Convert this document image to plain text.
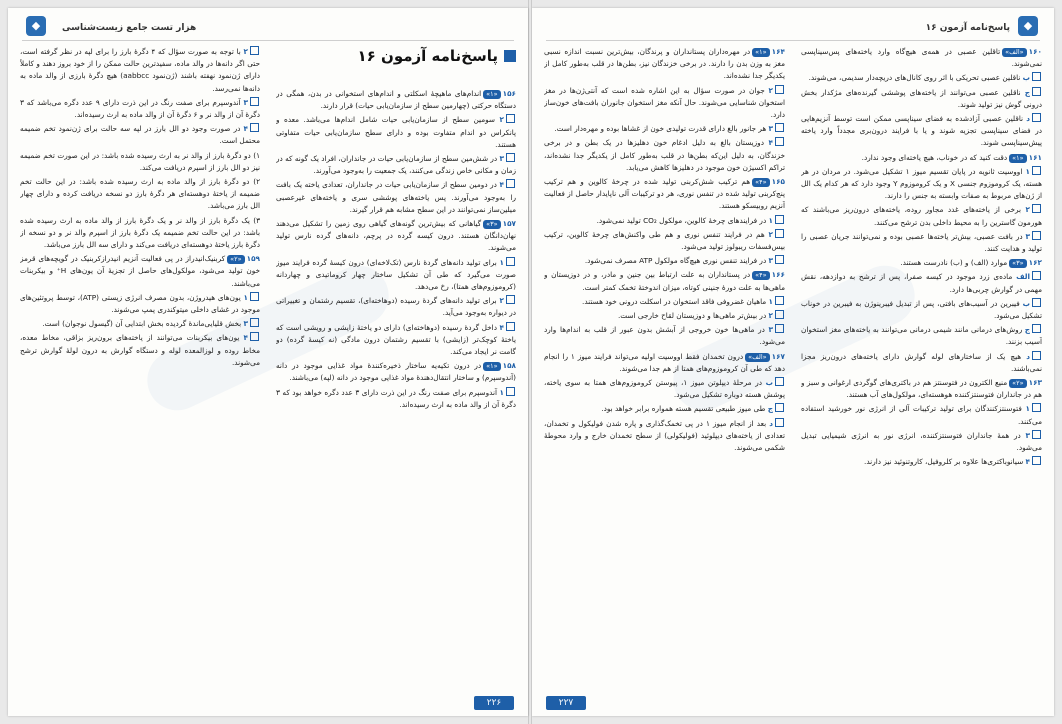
◆
پاسخ‌نامه آزمون ۱۶
۱۶۰«الف»تاقلین عصبی در همه‌ی هیچ‌گاه وارد یاخته‌های پس‌سیناپسی نمی‌شوند.
ب ناقلین عصبی تحریکی با اثر روی کانال‌های دریچه‌دار سدیمی، می‌شوند.
ج ناقلین عصبی می‌توانند از یاخته‌های پوششی گیرنده‌های مژکدار بخش درونی گوش نیز تولید شوند.
د ناقلین عصبی آزادشده به فضای سیناپسی ممکن است توسط آنزیم‌هایی در فضای سیناپسی تجزیه شوند و یا با فرایند درون‌بری مجدداً وارد یاخته پیش‌سیناپسی شوند.
۱۶۱«۱»دقت کنید که در خوناب، هیچ یاخته‌ای وجود ندارد.
۱ اووسیت ثانویه در پایان تقسیم میوز ۱ تشکیل می‌شود. در مردان در هر هسته، یک کروموزوم جنسی X و یک کروموزوم Y وجود دارد که هر کدام یک الل از ژن‌های مربوط به صفات وابسته به جنس را دارند.
۲ برخی از یاخته‌های غدد مجاور روده، یاخته‌های درون‌ریز می‌باشند که هورمون گاسترین را به محیط داخلی بدن ترشح می‌کنند.
۳ در بافت عصبی، بیش‌تر یاخته‌ها عصبی بوده و نمی‌توانند جریان عصبی را تولید و هدایت کنند.
۱۶۲«۳»موارد (الف) و (ب) نادرست هستند.
الف ماده‌ی زرد موجود در کیسه صفرا، پس از ترشح به دوازدهه، نقش مهمی در گوارش چربی‌ها دارد.
ب فیبرین در آسیب‌های بافتی، پس از تبدیل فیبرینوژن به فیبرین در خوناب تشکیل می‌شود.
ج روش‌های درمانی مانند شیمی درمانی می‌توانند به یاخته‌های مغز استخوان آسیب بزنند.
د هیچ یک از ساختارهای لوله گوارش دارای یاخته‌های درون‌ریز مجزا نمی‌باشند.
۱۶۳«۲»منیع الکترون در فتوسنتز هم در باکتری‌های گوگردی ارغوانی و سبز و هم در جانداران فتوسنتزکننده هوهسته‌ای، مولکول‌های آب هستند.
۱ فتوسنتزکنندگان برای تولید ترکیبات آلی از انرژی نور خورشید استفاده می‌کنند.
۳ در همهٔ جانداران فتوسنتزکننده، انرژی نور به انرژی شیمیایی تبدیل می‌شود.
۴ سیانوباکتری‌ها علاوه بر کلروفیل، کاروتنوئید نیز دارند.
۱۶۴«۱»در مهره‌داران پستانداران و پرندگان، بیش‌ترین نسبت اندازه نسبی مغز به وزن بدن را دارند. در برخی خزندگان نیز، بطن‌ها در قلب به‌طور کامل از یکدیگر جدا نشده‌اند.
۲ جوان در صورت سؤال به این اشاره شده است که آنتی‌ژن‌ها در مغز استخوان شناسایی می‌شوند. حال آنکه مغز استخوان جانوران بافت‌های خون‌ساز دارد.
۳ هر جانور بالغ دارای قدرت تولیدی خون از غشاها بوده و مهره‌دار است.
۴ دوزیستان بالغ به دلیل ادغام خون دهلیزها در یک بطن و در برخی خزندگان، به دلیل این‌که بطن‌ها در قلب به‌طور کامل از یکدیگر جدا نشده‌اند، تراکم اکسیژن خون موجود در دهلیزها کاهش می‌یابد.
۱۶۵«۴»هم ترکیب شش‌کربنی تولید شده در چرخهٔ کالوین و هم ترکیب پنج‌کربنی تولید شده در تنفس نوری، هر دو ترکیبات آلی ناپایدار حاصل از فعالیت آنزیم روبیسکو هستند.
۱ در فرایندهای چرخهٔ کالوین، مولکول CO₂ تولید نمی‌شود.
۲ هم در فرایند تنفس نوری و هم طی واکنش‌های چرخهٔ کالوین، ترکیب بیس‌فسفات ریبولوز تولید می‌شود.
۳ در فرایند تنفس نوری هیچ‌گاه مولکول ATP مصرف نمی‌شود.
۱۶۶«۴»در پستانداران به علت ارتباط بین جنین و مادر، و در دوزیستان و ماهی‌ها به علت دورهٔ جنینی کوتاه، میزان اندوختهٔ تخمک کمتر است.
۱ ماهیان غضروفی فاقد استخوان در اسکلت درونی خود هستند.
۲ در بیش‌تر ماهی‌ها و دوزیستان لقاح خارجی است.
۳ در ماهی‌ها خون خروجی از آبشش بدون عبور از قلب به اندام‌ها وارد می‌شود.
۱۶۷«الف»درون تخمدان فقط اووسیت اولیه می‌تواند فرایند میوز ۱ را انجام دهد که طی آن کروموزوم‌های همتا از هم جدا می‌شوند.
ب در مرحلهٔ دیپلوتن میوز ۱، پیوستن کروموزوم‌های همتا به سوی یاخته، پوشش هسته دوباره تشکیل می‌شود.
ج طی میوز طبیعی تقسیم هسته همواره برابر خواهد بود.
د بعد از انجام میوز ۱ در پی تخمک‌گذاری و پاره شدن فولیکول و تخمدان، تعدادی از یاخته‌های دیپلوئید (فولیکولی) از سطح تخمدان خارج و وارد محوطهٔ شکمی می‌شوند.
۲۲۷
◆	هزار تست جامع زیست‌شناسی
پاسخ‌نامه آزمون ۱۶
۱۵۶«۱»اندام‌های ماهیچهٔ اسکلتی و اندام‌های استخوانی در بدن، همگی در دستگاه حرکتی (چهارمین سطح از سازمان‌یابی حیات) قرار دارند.
۲ سومین سطح از سازمان‌یابی حیات شامل اندام‌ها می‌باشد. معده و پانکراس دو اندام متفاوت بوده و دارای سطح سازمان‌یابی حیات متفاوتی هستند.
۳ در شش‌مین سطح از سازمان‌یابی حیات در جانداران، افراد یک گونه که در زمان و مکانی خاص زندگی می‌کنند، یک جمعیت را به‌وجود می‌آورند.
۴ در دومین سطح از سازمان‌یابی حیات در جانداران، تعدادی یاخته یک بافت را به‌وجود می‌آورند. پس یاخته‌های پوششی سری و یاخته‌های غیرعصبی میلین‌ساز نمی‌توانند در این سطح مشابه هم قرار گیرند.
۱۵۷«۳»گیاهانی که بیش‌ترین گونه‌های گیاهی روی زمین را تشکیل می‌دهند نهان‌دانگان هستند. درون کیسه گرده در پرچم، دانه‌های گرده نارس تولید می‌شوند.
۱ برای تولید دانه‌های گردهٔ نارس (تک‌لاخه‌ای) درون کیسهٔ گرده فرایند میوز صورت می‌گیرد که طی آن تشکیل ساختار چهار کروماتیدی و چهاردانه (کروموزوم‌های همتا)، رخ می‌دهد.
۲ برای تولید دانه‌های گردهٔ رسیده (دوهاخته‌ای)، تقسیم رشتمان و تغییراتی در دیواره به‌وجود می‌آید.
۴ داخل گردهٔ رسیده (دوهاخته‌ای) دارای دو یاختهٔ زایشی و رویشی است که یاختهٔ کوچک‌تر (زایشی) با تقسیم رشتمان درون مادگی (نه کیسهٔ گرده) دو گامت نر ایجاد می‌کند.
۱۵۸«۱»در درون تکیه‌یه ساختار ذخیره‌کنندهٔ مواد غذایی موجود در دانه (آندوسپرم) و ساختار انتقال‌دهندهٔ مواد غذایی موجود در دانه (لپه) می‌باشند.
۱ آندوسپرم برای صفت رنگ در این ذرت دارای ۳ عدد دگره خواهد بود که ۳ دگرهٔ آن از والد ماده به ارث رسیده‌اند.
۲ با توجه به صورت سؤال که ۴ دگرهٔ بارز را برای لپه در نظر گرفته است، حتی اگر دانه‌ها در والد ماده، سفیدترین حالت ممکن را از خود بروز دهند و کاملاً دارای ژن‌نمود نهفته باشند (ژن‌نمود aabbcc) هیچ دگرهٔ بارزی از والد ماده به دانه‌ها نمی‌رسد.
۳ آندوسپرم برای صفت رنگ در این ذرت دارای ۹ عدد دگره می‌باشد که ۳ دگرهٔ آن از والد نر و ۶ دگرهٔ آن از والد ماده به ارث رسیده‌اند.
۴ در صورت وجود دو الل بارز در لپه سه حالت برای ژن‌نمود تخم ضمیمه محتمل است.
۱) دو دگرهٔ بارز از والد نر به ارث رسیده شده باشد: در این صورت تخم ضمیمه نیز دو الل بارز از اسپرم دریافت می‌کند.
۲) دو دگرهٔ بارز از والد ماده به ارث رسیده شده باشد: در این حالت تخم ضمیمه از یاختهٔ دوهسته‌ای هر دگرهٔ بارز دو نسخه دریافت کرده و دارای چهار الل بارز می‌باشد.
۳) یک دگرهٔ بارز از والد نر و یک دگرهٔ بارز از والد ماده به ارث رسیده شده باشد: در این حالت تخم ضمیمه یک دگرهٔ بارز از اسپرم والد نر و دو نسخه از دگرهٔ بارز یاختهٔ دوهسته‌ای دریافت می‌کند و دارای سه الل بارز می‌باشد.
۱۵۹«۲»کربنیک‌انیدراز در پی فعالیت آنزیم انیدرازکربنیک در گویچه‌های قرمز خون تولید می‌شود، مولکول‌های حاصل از تجزیهٔ آن یون‌های H⁺ و بیکربنات می‌باشند.
۱ یون‌های هیدروژن، بدون مصرف انرژی زیستی (ATP)، توسط پروتئین‌های موجود در غشای داخلی میتوکندری پمپ می‌شوند.
۳ بخش قلیایی‌ماندهٔ گردیده بخش ابتدایی آن (گیسول نوجوان) است.
۴ یون‌های بیکربنات می‌توانند از یاخته‌های برون‌ریز بزاقی، مخاط معده، مخاط روده و لوزالمعده لوله و دستگاه گوارش به درون لولهٔ گوارش ترشح می‌شوند.
۲۲۶
